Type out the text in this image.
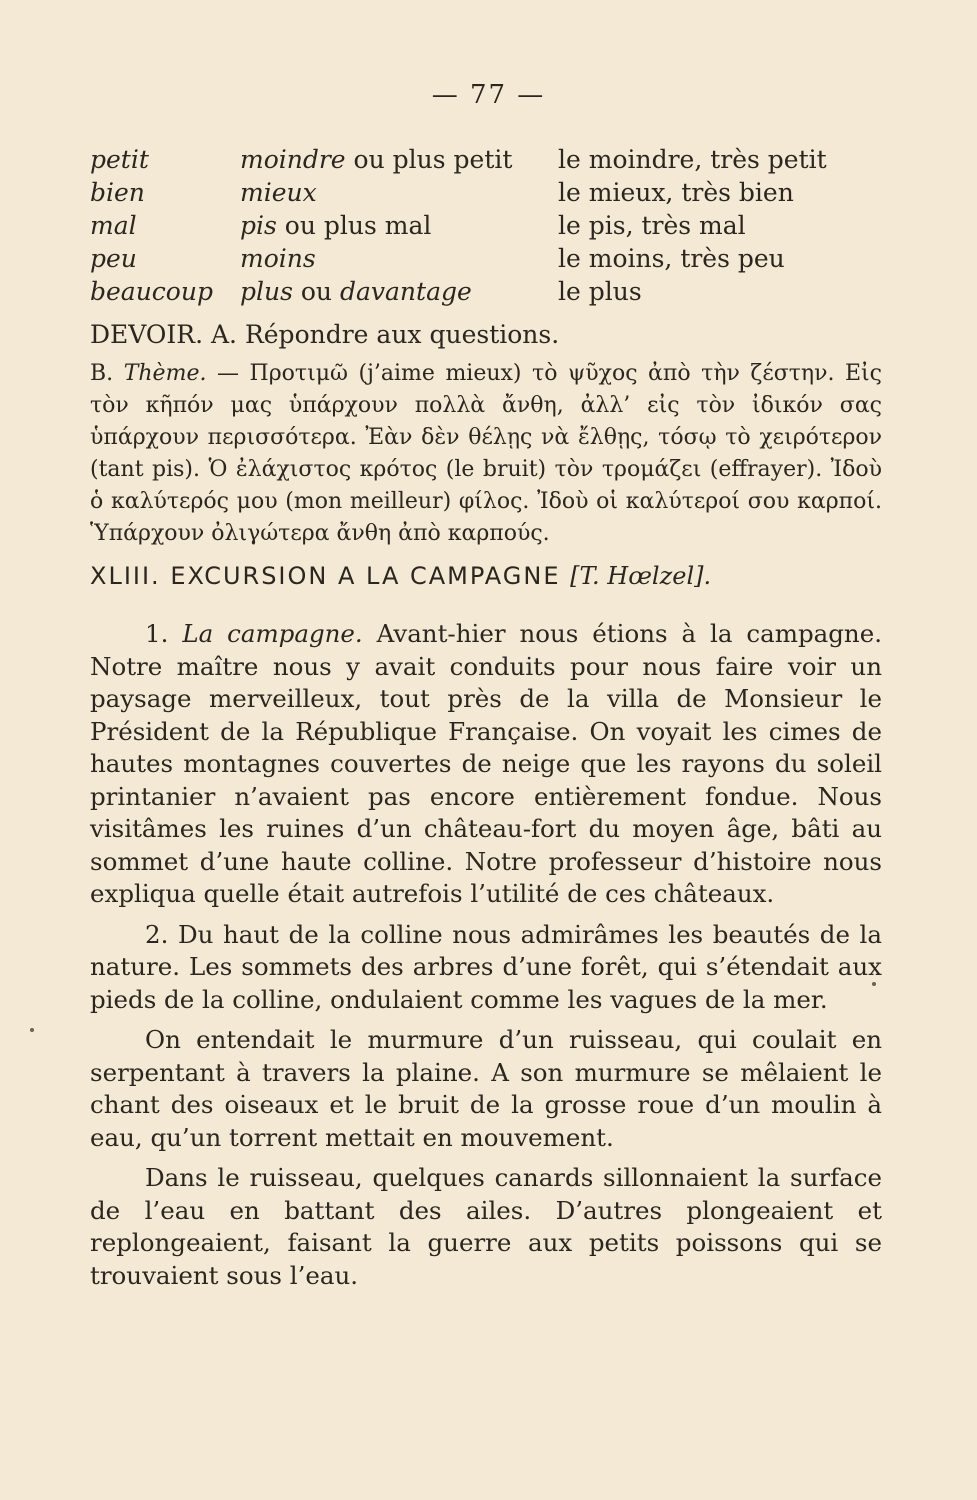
— 77 —
petit	moindre ou plus petit	le moindre, très petit
bien	mieux	le mieux, très bien
mal	pis ou plus mal	le pis, très mal
peu	moins	le moins, très peu
beaucoup	plus ou davantage	le plus
DEVOIR. A. Répondre aux questions.
B. Thème. — Προτιμῶ (j’aime mieux) τὸ ψῦχος ἀπὸ τὴν ζέστην. Εἰς τὸν κῆπόν μας ὑπάρχουν πολλὰ ἄνθη, ἀλλ’ εἰς τὸν ἰδικόν σας ὑπάρχουν περισσότερα. Ἐὰν δὲν θέλῃς νὰ ἔλθῃς, τόσῳ τὸ χειρότερον (tant pis). Ὁ ἐλάχιστος κρότος (le bruit) τὸν τρομάζει (effrayer). Ἰδοὺ ὁ καλύτερός μου (mon meilleur) φίλος. Ἰδοὺ οἱ καλύτεροί σου καρποί. Ὑπάρχουν ὀλιγώτερα ἄνθη ἀπὸ καρπούς.
XLIII. EXCURSION A LA CAMPAGNE [T. Hœlzel].

1. La campagne. Avant-hier nous étions à la campagne. Notre maître nous y avait conduits pour nous faire voir un paysage merveilleux, tout près de la villa de Monsieur le Président de la République Française. On voyait les cimes de hautes montagnes couvertes de neige que les rayons du soleil printanier n’avaient pas encore entièrement fondue. Nous visitâmes les ruines d’un château-fort du moyen âge, bâti au sommet d’une haute colline. Notre professeur d’histoire nous expliqua quelle était autrefois l’utilité de ces châteaux.

2. Du haut de la colline nous admirâmes les beautés de la nature. Les sommets des arbres d’une forêt, qui s’étendait aux pieds de la colline, ondulaient comme les vagues de la mer.

On entendait le murmure d’un ruisseau, qui coulait en serpentant à travers la plaine. A son murmure se mêlaient le chant des oiseaux et le bruit de la grosse roue d’un moulin à eau, qu’un torrent mettait en mouvement.

Dans le ruisseau, quelques canards sillonnaient la surface de l’eau en battant des ailes. D’autres plongeaient et replongeaient, faisant la guerre aux petits poissons qui se trouvaient sous l’eau.
